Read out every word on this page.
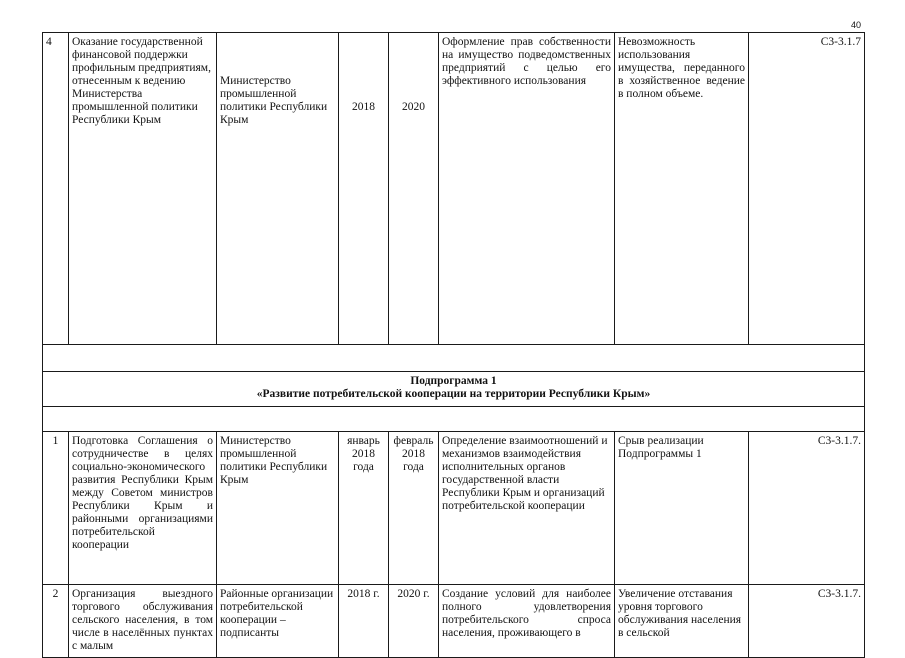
40
4	Оказание государственной финансовой поддержки профильным предприятиям, отнесенным к ведению Министерства промышленной политики Республики Крым	Министерство промышленной политики Республики Крым	2018	2020	Оформление прав собственности на имущество подведомственных предприятий с целью его эффективного использования	Невозможность использования имущества, переданного в хозяйственное ведение в полном объеме.	С3-3.1.7

Подпрограмма 1
«Развитие потребительской кооперации на территории Республики Крым»							

1	Подготовка Соглашения о сотрудничестве в целях социально-экономического развития Республики Крым между Советом министров Республики Крым и районными организациями потребительской кооперации	Министерство промышленной политики Республики Крым	январь 2018 года	февраль 2018 года	Определение взаимоотношений и механизмов взаимодействия исполнительных органов государственной власти Республики Крым и организаций потребительской кооперации	Срыв реализации Подпрограммы 1	С3-3.1.7.
2	Организация выездного торгового обслуживания сельского населения, в том числе в населённых пунктах с малым	Районные организации потребительской кооперации – подписанты	2018 г.	2020 г.	Создание условий для наиболее полного удовлетворения потребительского спроса населения, проживающего в	Увеличение отставания уровня торгового обслуживания населения в сельской	С3-3.1.7.
